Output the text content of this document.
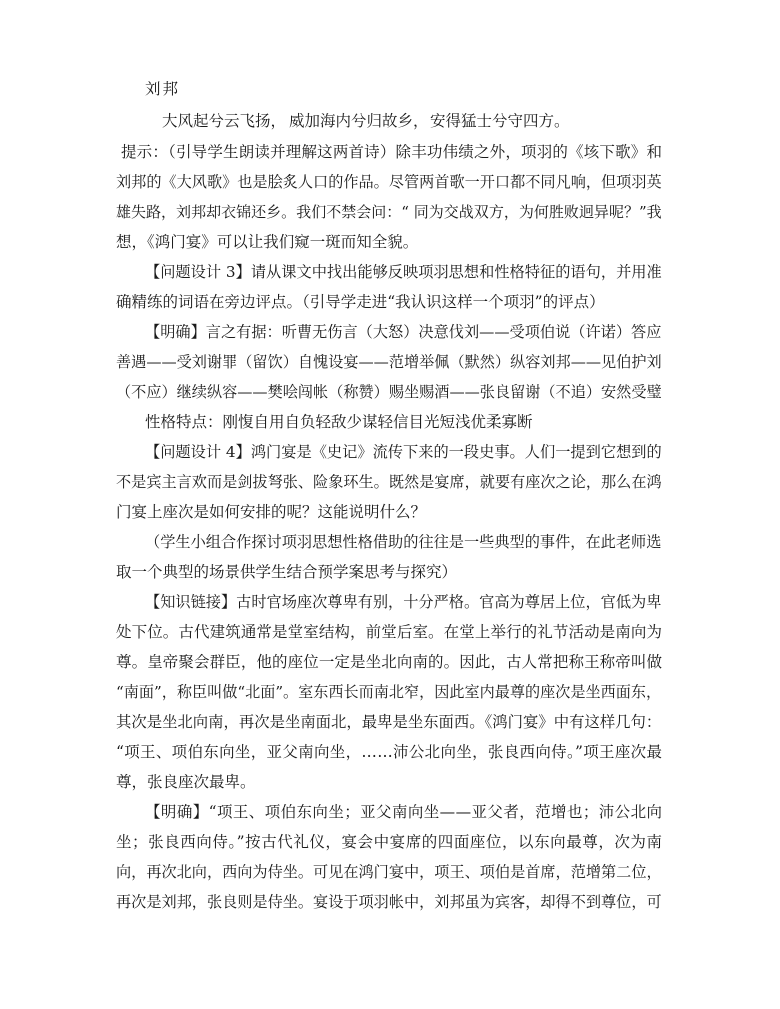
刘邦

大风起兮云飞扬， 威加海内兮归故乡， 安得猛士兮守四方。

提示：（引导学生朗读并理解这两首诗）除丰功伟绩之外，项羽的《垓下歌》和

刘邦的《大风歌》也是脍炙人口的作品。尽管两首歌一开口都不同凡响，但项羽英

雄失路，刘邦却衣锦还乡。我们不禁会问：“ 同为交战双方，为何胜败迥异呢？”我

想，《鸿门宴》可以让我们窥一斑而知全貌。

【问题设计 3】请从课文中找出能够反映项羽思想和性格特征的语句，并用准

确精练的词语在旁边评点。（引导学走进“我认识这样一个项羽”的评点）

【明确】言之有据：听曹无伤言（大怒）决意伐刘——受项伯说（许诺）答应

善遇——受刘谢罪（留饮）自愧设宴——范增举佩（默然）纵容刘邦——见伯护刘

（不应）继续纵容——樊哙闯帐（称赞）赐坐赐酒——张良留谢（不追）安然受璧

性格特点：刚愎自用自负轻敌少谋轻信目光短浅优柔寡断

【问题设计 4】鸿门宴是《史记》流传下来的一段史事。人们一提到它想到的

不是宾主言欢而是剑拔弩张、险象环生。既然是宴席，就要有座次之论，那么在鸿

门宴上座次是如何安排的呢？这能说明什么？

（学生小组合作探讨项羽思想性格借助的往往是一些典型的事件，在此老师选

取一个典型的场景供学生结合预学案思考与探究）

【知识链接】古时官场座次尊卑有别，十分严格。官高为尊居上位，官低为卑

处下位。古代建筑通常是堂室结构，前堂后室。在堂上举行的礼节活动是南向为

尊。皇帝聚会群臣，他的座位一定是坐北向南的。因此，古人常把称王称帝叫做

“南面”，称臣叫做“北面”。室东西长而南北窄，因此室内最尊的座次是坐西面东，

其次是坐北向南，再次是坐南面北，最卑是坐东面西。《鸿门宴》中有这样几句：

“项王、项伯东向坐，亚父南向坐，……沛公北向坐，张良西向侍。”项王座次最

尊，张良座次最卑。

【明确】“项王、项伯东向坐；亚父南向坐——亚父者，范增也；沛公北向

坐；张良西向侍。”按古代礼仪，宴会中宴席的四面座位，以东向最尊，次为南

向，再次北向，西向为侍坐。可见在鸿门宴中，项王、项伯是首席，范增第二位，

再次是刘邦，张良则是侍坐。宴设于项羽帐中，刘邦虽为宾客，却得不到尊位，可
